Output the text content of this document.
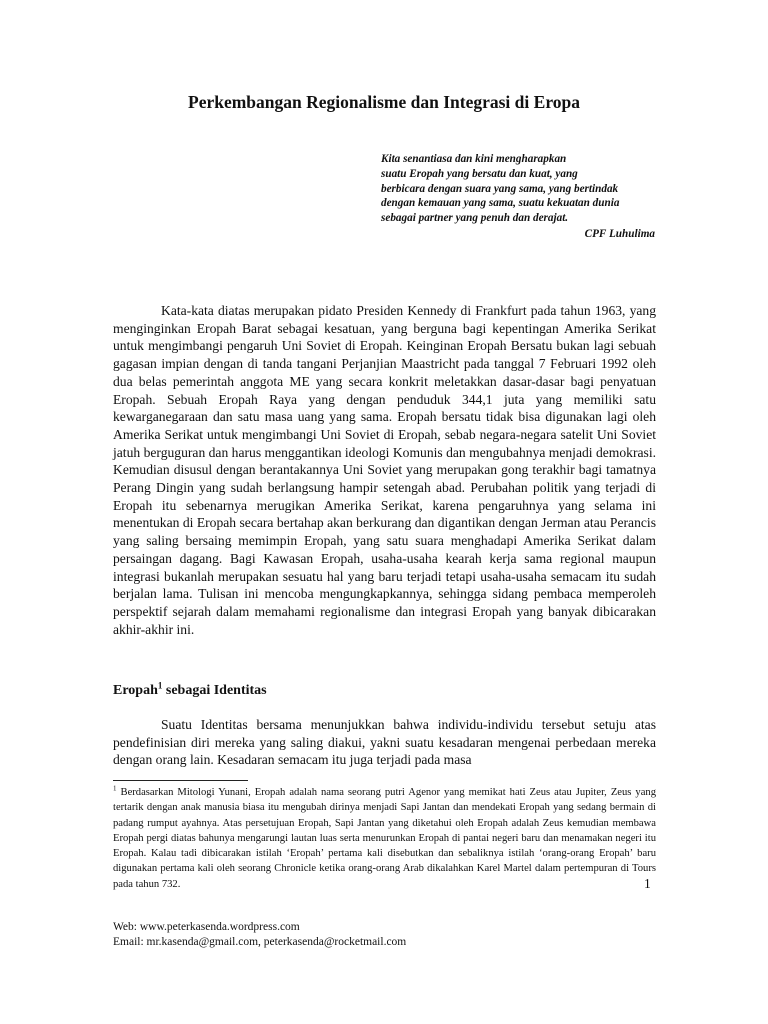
Perkembangan Regionalisme dan Integrasi di Eropa
Kita senantiasa dan kini mengharapkan
suatu Eropah yang bersatu dan kuat, yang
berbicara dengan suara yang sama, yang bertindak
dengan kemauan yang sama, suatu kekuatan dunia
sebagai partner yang penuh dan derajat.
CPF Luhulima

Kata-kata diatas merupakan pidato Presiden Kennedy di Frankfurt pada tahun 1963, yang menginginkan Eropah Barat sebagai kesatuan, yang berguna bagi kepentingan Amerika Serikat untuk mengimbangi pengaruh Uni Soviet di Eropah. Keinginan Eropah Bersatu bukan lagi sebuah gagasan impian dengan di tanda tangani Perjanjian Maastricht pada tanggal 7 Februari 1992 oleh dua belas pemerintah anggota ME yang secara konkrit meletakkan dasar-dasar bagi penyatuan Eropah. Sebuah Eropah Raya yang dengan penduduk 344,1 juta yang memiliki satu kewarganegaraan dan satu masa uang yang sama. Eropah bersatu tidak bisa digunakan lagi oleh Amerika Serikat untuk mengimbangi Uni Soviet di Eropah, sebab negara-negara satelit Uni Soviet jatuh berguguran dan harus menggantikan ideologi Komunis dan mengubahnya menjadi demokrasi. Kemudian disusul dengan berantakannya Uni Soviet yang merupakan gong terakhir bagi tamatnya Perang Dingin yang sudah berlangsung hampir setengah abad. Perubahan politik yang terjadi di Eropah itu sebenarnya merugikan Amerika Serikat, karena pengaruhnya yang selama ini menentukan di Eropah secara bertahap akan berkurang dan digantikan dengan Jerman atau Perancis yang saling bersaing memimpin Eropah, yang satu suara menghadapi Amerika Serikat dalam persaingan dagang. Bagi Kawasan Eropah, usaha-usaha kearah kerja sama regional maupun integrasi bukanlah merupakan sesuatu hal yang baru terjadi tetapi usaha-usaha semacam itu sudah berjalan lama. Tulisan ini mencoba mengungkapkannya, sehingga sidang pembaca memperoleh perspektif sejarah dalam memahami regionalisme dan integrasi Eropah yang banyak dibicarakan akhir-akhir ini.

Eropah$^1$ sebagai Identitas

Suatu Identitas bersama menunjukkan bahwa individu-individu tersebut setuju atas pendefinisian diri mereka yang saling diakui, yakni suatu kesadaran mengenai perbedaan mereka dengan orang lain. Kesadaran semacam itu juga terjadi pada masa

$^1$ Berdasarkan Mitologi Yunani, Eropah adalah nama seorang putri Agenor yang memikat hati Zeus atau Jupiter, Zeus yang tertarik dengan anak manusia biasa itu mengubah dirinya menjadi Sapi Jantan dan mendekati Eropah yang sedang bermain di padang rumput ayahnya. Atas persetujuan Eropah, Sapi Jantan yang diketahui oleh Eropah adalah Zeus kemudian membawa Eropah pergi diatas bahunya mengarungi lautan luas serta menurunkan Eropah di pantai negeri baru dan menamakan negeri itu Eropah. Kalau tadi dibicarakan istilah ‘Eropah’ pertama kali disebutkan dan sebaliknya istilah ‘orang-orang Eropah’ baru digunakan pertama kali oleh seorang Chronicle ketika orang-orang Arab dikalahkan Karel Martel dalam pertempuran di Tours pada tahun 732.	1
Web: www.peterkasenda.wordpress.com
Email: mr.kasenda@gmail.com, peterkasenda@rocketmail.com
